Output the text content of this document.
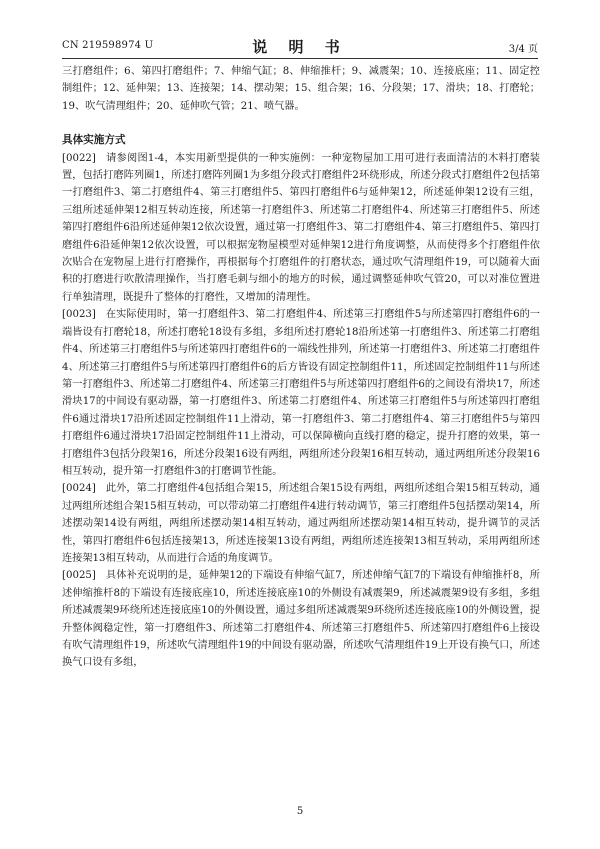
CN 219598974 U	说 明 书	3/4 页

三打磨组件；6、第四打磨组件；7、伸缩气缸；8、伸缩推杆；9、减震架；10、连接底座；11、固定控制组件；12、延伸架；13、连接架；14、摆动架；15、组合架；16、分段架；17、滑块；18、打磨轮；19、吹气清理组件；20、延伸吹气管；21、喷气器。

具体实施方式

[0022] 请参阅图1-4，本实用新型提供的一种实施例：一种宠物屋加工用可进行表面清洁的木料打磨装置，包括打磨阵列圈1，所述打磨阵列圈1为多组分段式打磨组件2环绕形成，所述分段式打磨组件2包括第一打磨组件3、第二打磨组件4、第三打磨组件5、第四打磨组件6与延伸架12，所述延伸架12设有三组，三组所述延伸架12相互转动连接，所述第一打磨组件3、所述第二打磨组件4、所述第三打磨组件5、所述第四打磨组件6沿所述延伸架12依次设置，通过第一打磨组件3、第二打磨组件4、第三打磨组件5、第四打磨组件6沿延伸架12依次设置，可以根据宠物屋模型对延伸架12进行角度调整，从而使得多个打磨组件依次贴合在宠物屋上进行打磨操作，再根据每个打磨组件的打磨状态，通过吹气清理组件19，可以随着大面积的打磨进行吹散清理操作，当打磨毛刺与细小的地方的时候，通过调整延伸吹气管20，可以对准位置进行单独清理，既提升了整体的打磨性，又增加的清理性。

[0023] 在实际使用时，第一打磨组件3、第二打磨组件4、所述第三打磨组件5与所述第四打磨组件6的一端皆设有打磨轮18，所述打磨轮18设有多组，多组所述打磨轮18沿所述第一打磨组件3、所述第二打磨组件4、所述第三打磨组件5与所述第四打磨组件6的一端线性排列，所述第一打磨组件3、所述第二打磨组件4、所述第三打磨组件5与所述第四打磨组件6的后方皆设有固定控制组件11，所述固定控制组件11与所述第一打磨组件3、所述第二打磨组件4、所述第三打磨组件5与所述第四打磨组件6的之间设有滑块17，所述滑块17的中间设有驱动器，第一打磨组件3、所述第二打磨组件4、所述第三打磨组件5与所述第四打磨组件6通过滑块17沿所述固定控制组件11上滑动，第一打磨组件3、第二打磨组件4、第三打磨组件5与第四打磨组件6通过滑块17沿固定控制组件11上滑动，可以保障横向直线打磨的稳定，提升打磨的效果，第一打磨组件3包括分段架16，所述分段架16设有两组，两组所述分段架16相互转动，通过两组所述分段架16相互转动，提升第一打磨组件3的打磨调节性能。

[0024] 此外，第二打磨组件4包括组合架15，所述组合架15设有两组，两组所述组合架15相互转动，通过两组所述组合架15相互转动，可以带动第二打磨组件4进行转动调节，第三打磨组件5包括摆动架14，所述摆动架14设有两组，两组所述摆动架14相互转动，通过两组所述摆动架14相互转动，提升调节的灵活性，第四打磨组件6包括连接架13，所述连接架13设有两组，两组所述连接架13相互转动，采用两组所述连接架13相互转动，从而进行合适的角度调节。

[0025] 具体补充说明的是，延伸架12的下端设有伸缩气缸7，所述伸缩气缸7的下端设有伸缩推杆8，所述伸缩推杆8的下端设有连接底座10，所述连接底座10的外侧设有减震架9，所述减震架9设有多组，多组所述减震架9环绕所述连接底座10的外侧设置，通过多组所述减震架9环绕所述连接底座10的外侧设置，提升整体阀稳定性，第一打磨组件3、所述第二打磨组件4、所述第三打磨组件5、所述第四打磨组件6上接设有吹气清理组件19，所述吹气清理组件19的中间设有驱动器，所述吹气清理组件19上开设有换气口，所述换气口设有多组，

5
